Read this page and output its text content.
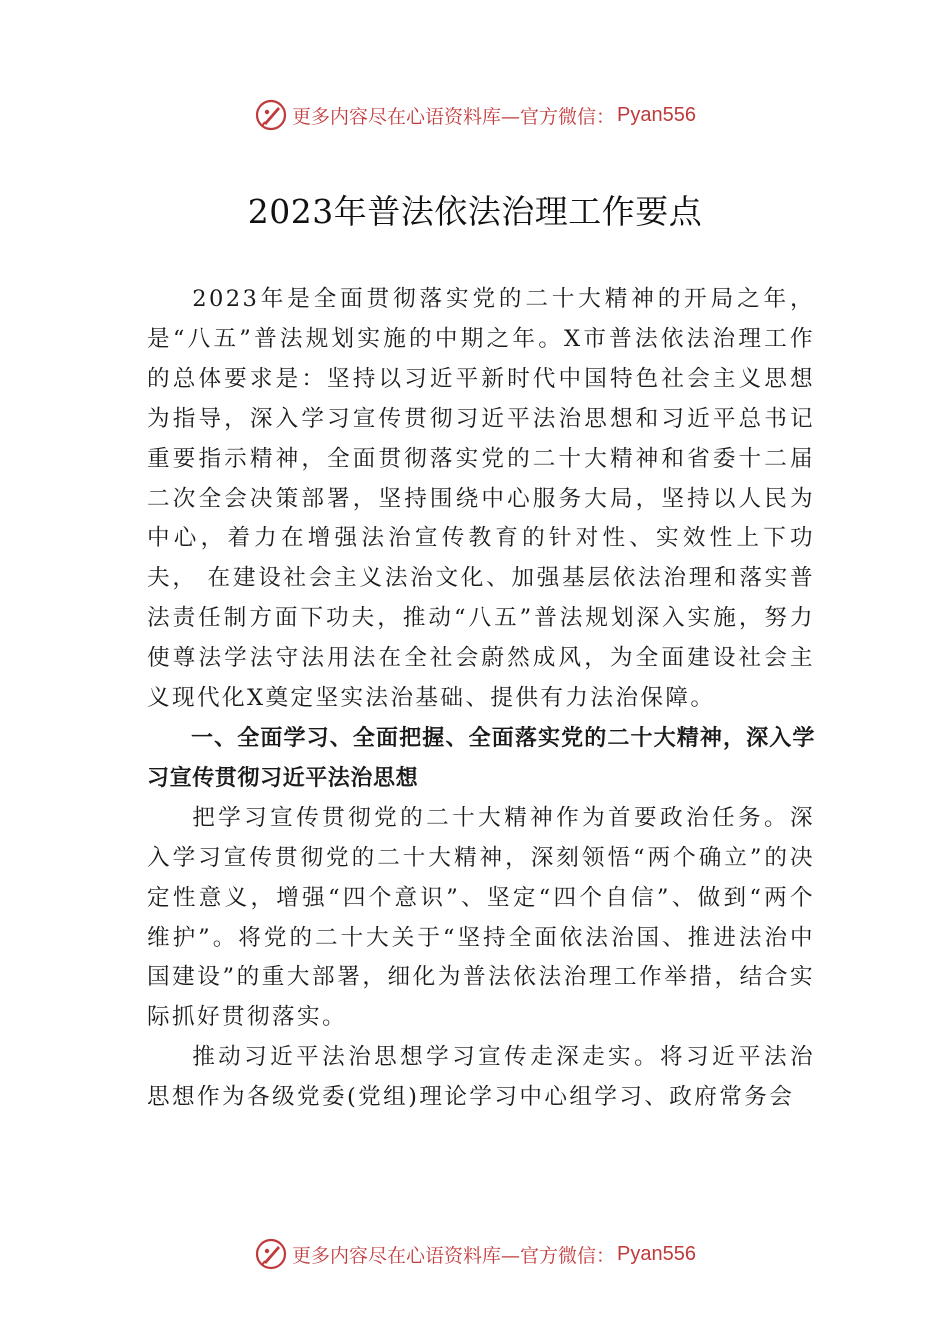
更多内容尽在心语资料库—官方微信： Pyan556
2023年普法依法治理工作要点

2023年是全面贯彻落实党的二十大精神的开局之年，是“八五”普法规划实施的中期之年。X市普法依法治理工作的总体要求是：坚持以习近平新时代中国特色社会主义思想为指导，深入学习宣传贯彻习近平法治思想和习近平总书记重要指示精神，全面贯彻落实党的二十大精神和省委十二届二次全会决策部署，坚持围绕中心服务大局，坚持以人民为中心，着力在增强法治宣传教育的针对性、实效性上下功夫， 在建设社会主义法治文化、加强基层依法治理和落实普法责任制方面下功夫，推动“八五”普法规划深入实施，努力使尊法学法守法用法在全社会蔚然成风，为全面建设社会主义现代化X奠定坚实法治基础、提供有力法治保障。

一、全面学习、全面把握、全面落实党的二十大精神，深入学习宣传贯彻习近平法治思想

把学习宣传贯彻党的二十大精神作为首要政治任务。深入学习宣传贯彻党的二十大精神，深刻领悟“两个确立”的决定性意义，增强“四个意识”、坚定“四个自信”、做到“两个维护”。将党的二十大关于“坚持全面依法治国、推进法治中国建设”的重大部署，细化为普法依法治理工作举措，结合实际抓好贯彻落实。

推动习近平法治思想学习宣传走深走实。将习近平法治思想作为各级党委(党组)理论学习中心组学习、政府常务会

更多内容尽在心语资料库—官方微信： Pyan556
